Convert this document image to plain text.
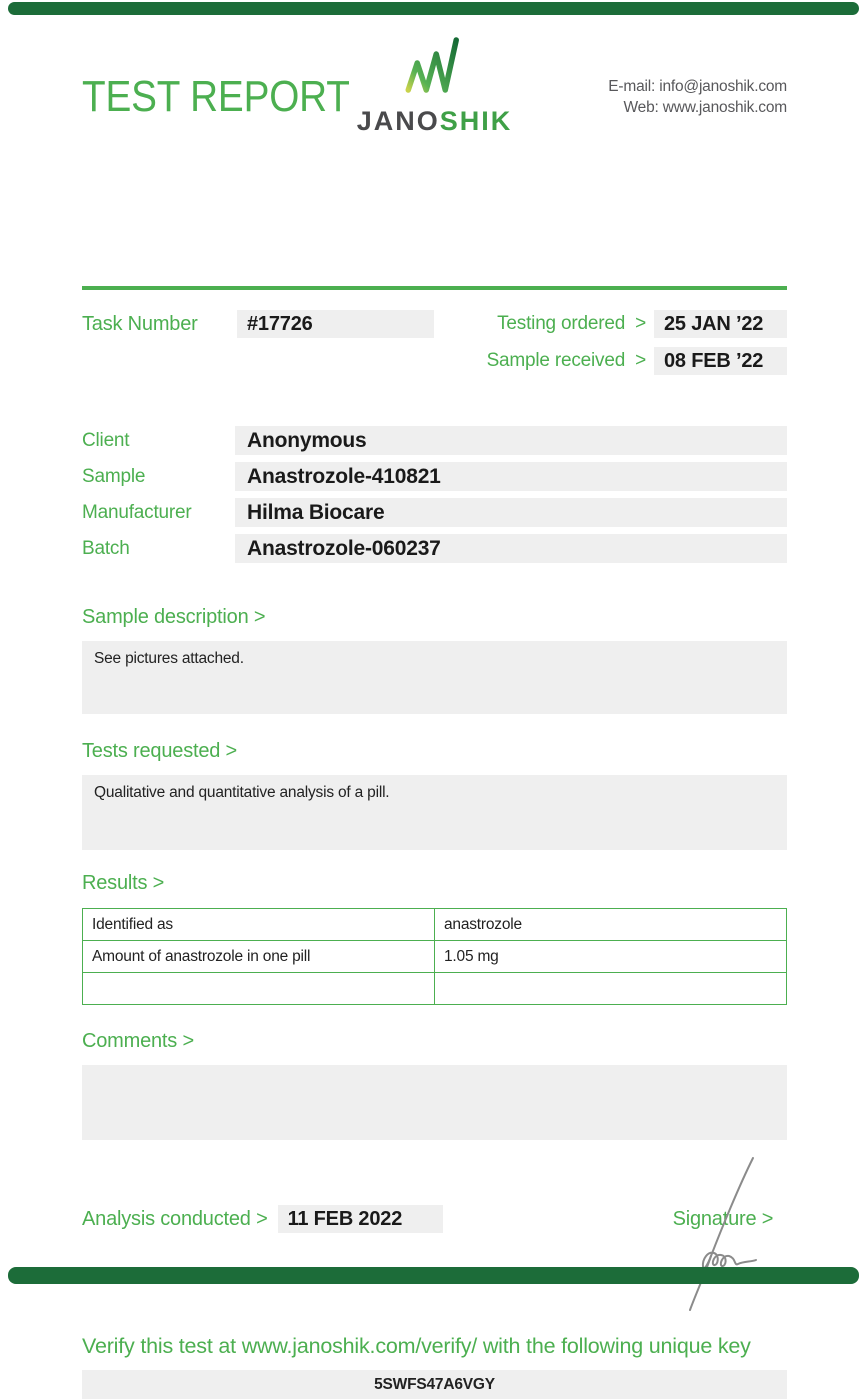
TEST REPORT JANOSHIK
E-mail: info@janoshik.com
Web: www.janoshik.com
Task Number	#17726	Testing ordered > 25 JAN ’22
Sample received > 08 FEB ’22
Client	Anonymous
Sample	Anastrozole-410821
Manufacturer	Hilma Biocare
Batch	Anastrozole-060237
Sample description >
See pictures attached.
Tests requested >
Qualitative and quantitative analysis of a pill.
Results >
Identified as	anastrozole
Amount of anastrozole in one pill	1.05 mg

Comments >
Analysis conducted >	11 FEB 2022	Signature >
Verify this test at www.janoshik.com/verify/ with the following unique key
5SWFS47A6VGY
